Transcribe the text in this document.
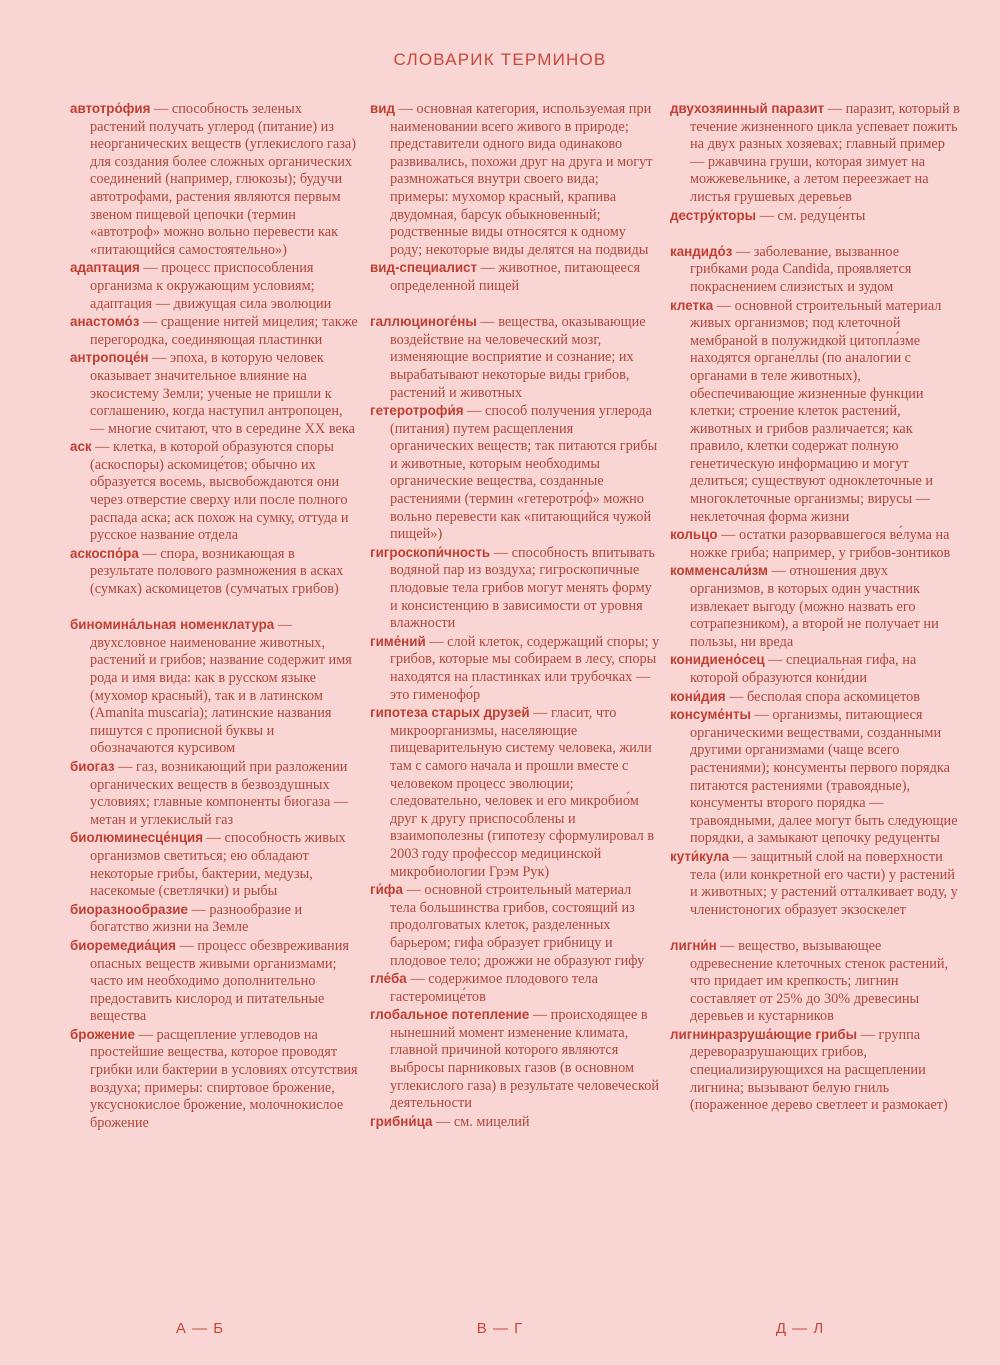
СЛОВАРИК ТЕРМИНОВ

автотро́фия — способность зеленых растений получать углерод (питание) из неорганических веществ (углекислого газа) для создания более сложных органических соединений (например, глюкозы); будучи автотрофами, растения являются первым звеном пищевой цепочки (термин «автотроф» можно вольно перевести как «питающийся самостоятельно»)

адаптация — процесс приспособления организма к окружающим условиям; адаптация — движущая сила эволюции

анастомо́з — сращение нитей мицелия; также перегородка, соединяющая пластинки

антропоце́н — эпоха, в которую человек оказывает значительное влияние на экосистему Земли; ученые не пришли к соглашению, когда наступил антропоцен, — многие считают, что в середине XX века

аск — клетка, в которой образуются споры (аскоспоры) аскомице́тов; обычно их образуется восемь, высвобождаются они через отверстие сверху или после полного распада аска; аск похож на сумку, оттуда и русское название отдела

аскоспо́ра — спора, возникающая в результате полового размножения в асках (сумках) аскомицетов (сумчатых грибов)

биномина́льная номенклатура — двухсловное наименование животных, растений и грибов; название содержит имя рода и имя вида: как в русском языке (мухомор красный), так и в латинском (Amanita muscaria); латинские названия пишутся с прописной буквы и обозначаются курсивом

биогаз — газ, возникающий при разложении органических веществ в безвоздушных условиях; главные компоненты биогаза — метан и углекислый газ

биолюминесце́нция — способность живых организмов светиться; ею обладают некоторые грибы, бактерии, медузы, насекомые (светлячки) и рыбы

биоразнообразие — разнообразие и богатство жизни на Земле

биоремедиа́ция — процесс обезвреживания опасных веществ живыми организмами; часто им необходимо дополнительно предоставить кислород и питательные вещества

брожение — расщепление углеводов на простейшие вещества, которое проводят грибки или бактерии в условиях отсутствия воздуха; примеры: спиртовое брожение, уксуснокислое брожение, молочнокислое брожение

вид — основная категория, используемая при наименовании всего живого в природе; представители одного вида одинаково развивались, похожи друг на друга и могут размножаться внутри своего вида; примеры: мухомор красный, крапива двудомная, барсук обыкновенный; родственные виды относятся к одному роду; некоторые виды делятся на подвиды

вид-специалист — животное, питающееся определенной пищей

галлюциноге́ны — вещества, оказывающие воздействие на человеческий мозг, изменяющие восприятие и сознание; их вырабатывают некоторые виды грибов, растений и животных

гетеротрофи́я — способ получения углерода (питания) путем расщепления органических веществ; так питаются грибы и животные, которым необходимы органические вещества, созданные растениями (термин «гетеротро́ф» можно вольно перевести как «питающийся чужой пищей»)

гигроскопи́чность — способность впитывать водяной пар из воздуха; гигроскопичные плодовые тела грибов могут менять форму и консистенцию в зависимости от уровня влажности

гиме́ний — слой клеток, содержащий споры; у грибов, которые мы собираем в лесу, споры находятся на пластинках или трубочках — это гименофо́р

гипотеза старых друзей — гласит, что микроорганизмы, населяющие пищеварительную систему человека, жили там с самого начала и прошли вместе с человеком процесс эволюции; следовательно, человек и его микробио́м друг к другу приспособлены и взаимополезны (гипотезу сформулировал в 2003 году профессор медицинской микробиологии Грэм Рук)

ги́фа — основной строительный материал тела большинства грибов, состоящий из продолговатых клеток, разделенных барьером; гифа образует грибницу и плодовое тело; дрожжи не образуют гифу

гле́ба — содержимое плодового тела гастеромице́тов

глобальное потепление — происходящее в нынешний момент изменение климата, главной причиной которого являются выбросы парниковых газов (в основном углекислого газа) в результате человеческой деятельности

грибни́ца — см. мицелий

двухозяинный паразит — паразит, который в течение жизненного цикла успевает пожить на двух разных хозяевах; главный пример — ржавчина груши, которая зимует на можжевельнике, а летом переезжает на листья грушевых деревьев

дестру́кторы — см. редуце́нты

кандидо́з — заболевание, вызванное грибками рода Candida, проявляется покраснением слизистых и зудом

клетка — основной строительный материал живых организмов; под клеточной мембраной в полужидкой цитопла́зме находятся органе́ллы (по аналогии с органами в теле животных), обеспечивающие жизненные функции клетки; строение клеток растений, животных и грибов различается; как правило, клетки содержат полную генетическую информацию и могут делиться; существуют одноклеточные и многоклеточные организмы; вирусы — неклеточная форма жизни

кольцо — остатки разорвавшегося ве́лума на ножке гриба; например, у грибов-зонтиков

комменсали́зм — отношения двух организмов, в которых один участник извлекает выгоду (можно назвать его сотрапезником), а второй не получает ни пользы, ни вреда

конидиено́сец — специальная гифа, на которой образуются кони́дии

кони́дия — бесполая спора аскомицетов

консуме́нты — организмы, питающиеся органическими веществами, созданными другими организмами (чаще всего растениями); консументы первого порядка питаются растениями (травоядные), консументы второго порядка — травоядными, далее могут быть следующие порядки, а замыкают цепочку редуценты

кути́кула — защитный слой на поверхности тела (или конкретной его части) у растений и животных; у растений отталкивает воду, у членистоногих образует экзоскелет

лигни́н — вещество, вызывающее одревеснение клеточных стенок растений, что придает им крепкость; лигнин составляет от 25% до 30% древесины деревьев и кустарников

лигнинразруша́ющие грибы — группа дереворазрушающих грибов, специализирующихся на расщеплении лигнина; вызывают белую гниль (пораженное дерево светлеет и размокает)

А — Б	В — Г	Д — Л
